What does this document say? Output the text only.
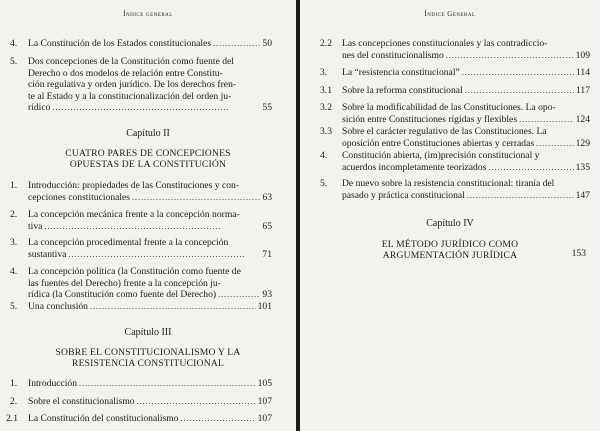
Índice general
4. La Constitución de los Estados constitucionales . . .	50
5. Dos concepciones de la Constitución como fuente del
Derecho o dos modelos de relación entre Constitu-
ción regulativa y orden jurídico. De los derechos fren-
te al Estado y a la constitucionalización del orden ju-
rídico . . .	55
Capítulo II
CUATRO PARES DE CONCEPCIONES
OPUESTAS DE LA CONSTITUCIÓN
1. Introducción: propiedades de las Constituciones y con-
cepciones constitucionales . . .	63
2. La concepción mecánica frente a la concepción norma-
tiva . . .	65
3. La concepción procedimental frente a la concepción
sustantiva . . .	71
4. La concepción política (la Constitución como fuente de
las fuentes del Derecho) frente a la concepción ju-
rídica (la Constitución como fuente del Derecho) . . .	93
5. Una conclusión . . .	101
Capítulo III
SOBRE EL CONSTITUCIONALISMO Y LA
RESISTENCIA CONSTITUCIONAL
1. Introducción . . .	105
2. Sobre el constitucionalismo . . .	107
2.1 La Constitución del constitucionalismo . . .	107
Índice General
2.2 Las concepciones constitucionales y las contradiccio-
nes del constitucionalismo . . .	109
3. La “resistencia constitucional” . . .	114
3.1 Sobre la reforma constitucional . . .	117
3.2 Sobre la modificabilidad de las Constituciones. La opo-
sición entre Constituciones rígidas y flexibles . . .	124
3.3 Sobre el carácter regulativo de las Constituciones. La
oposición entre Constituciones abiertas y cerradas . . .	129
4. Constitución abierta, (im)precisión constitucional y
acuerdos incompletamente teorizados . . .	135
5. De nuevo sobre la resistencia constitucional: tiranía del
pasado y práctica constitucional . . .	147
Capítulo IV
EL MÉTODO JURÍDICO COMO
ARGUMENTACIÓN JURÍDICA	153
